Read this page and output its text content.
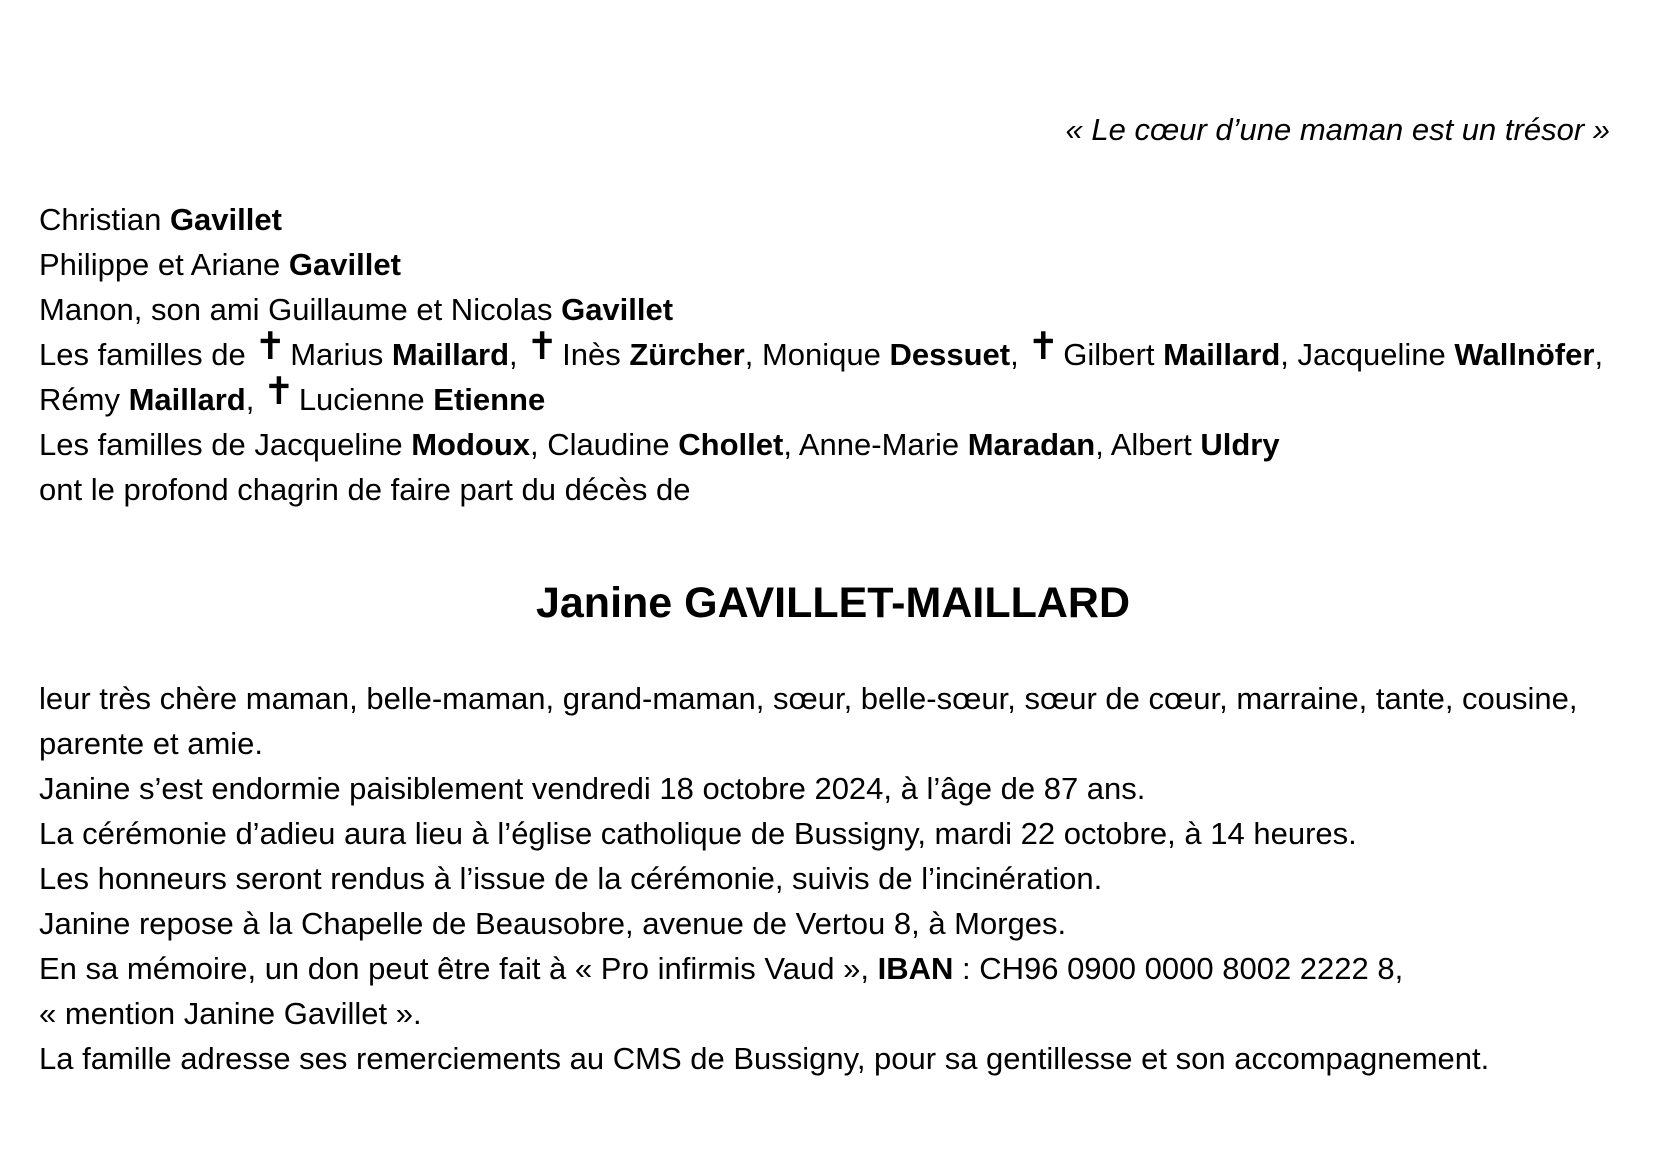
« Le cœur d’une maman est un trésor »
Christian Gavillet
Philippe et Ariane Gavillet
Manon, son ami Guillaume et Nicolas Gavillet
Les familles de ✝ Marius Maillard, ✝ Inès Zürcher, Monique Dessuet, ✝ Gilbert Maillard, Jacqueline Wallnöfer, Rémy Maillard, ✝ Lucienne Etienne
Les familles de Jacqueline Modoux, Claudine Chollet, Anne-Marie Maradan, Albert Uldry
ont le profond chagrin de faire part du décès de
Janine GAVILLET-MAILLARD
leur très chère maman, belle-maman, grand-maman, sœur, belle-sœur, sœur de cœur, marraine, tante, cousine, parente et amie.
Janine s’est endormie paisiblement vendredi 18 octobre 2024, à l’âge de 87 ans.
La cérémonie d’adieu aura lieu à l’église catholique de Bussigny, mardi 22 octobre, à 14 heures.
Les honneurs seront rendus à l’issue de la cérémonie, suivis de l’incinération.
Janine repose à la Chapelle de Beausobre, avenue de Vertou 8, à Morges.
En sa mémoire, un don peut être fait à « Pro infirmis Vaud », IBAN : CH96 0900 0000 8002 2222 8,
« mention Janine Gavillet ».
La famille adresse ses remerciements au CMS de Bussigny, pour sa gentillesse et son accompagnement.
